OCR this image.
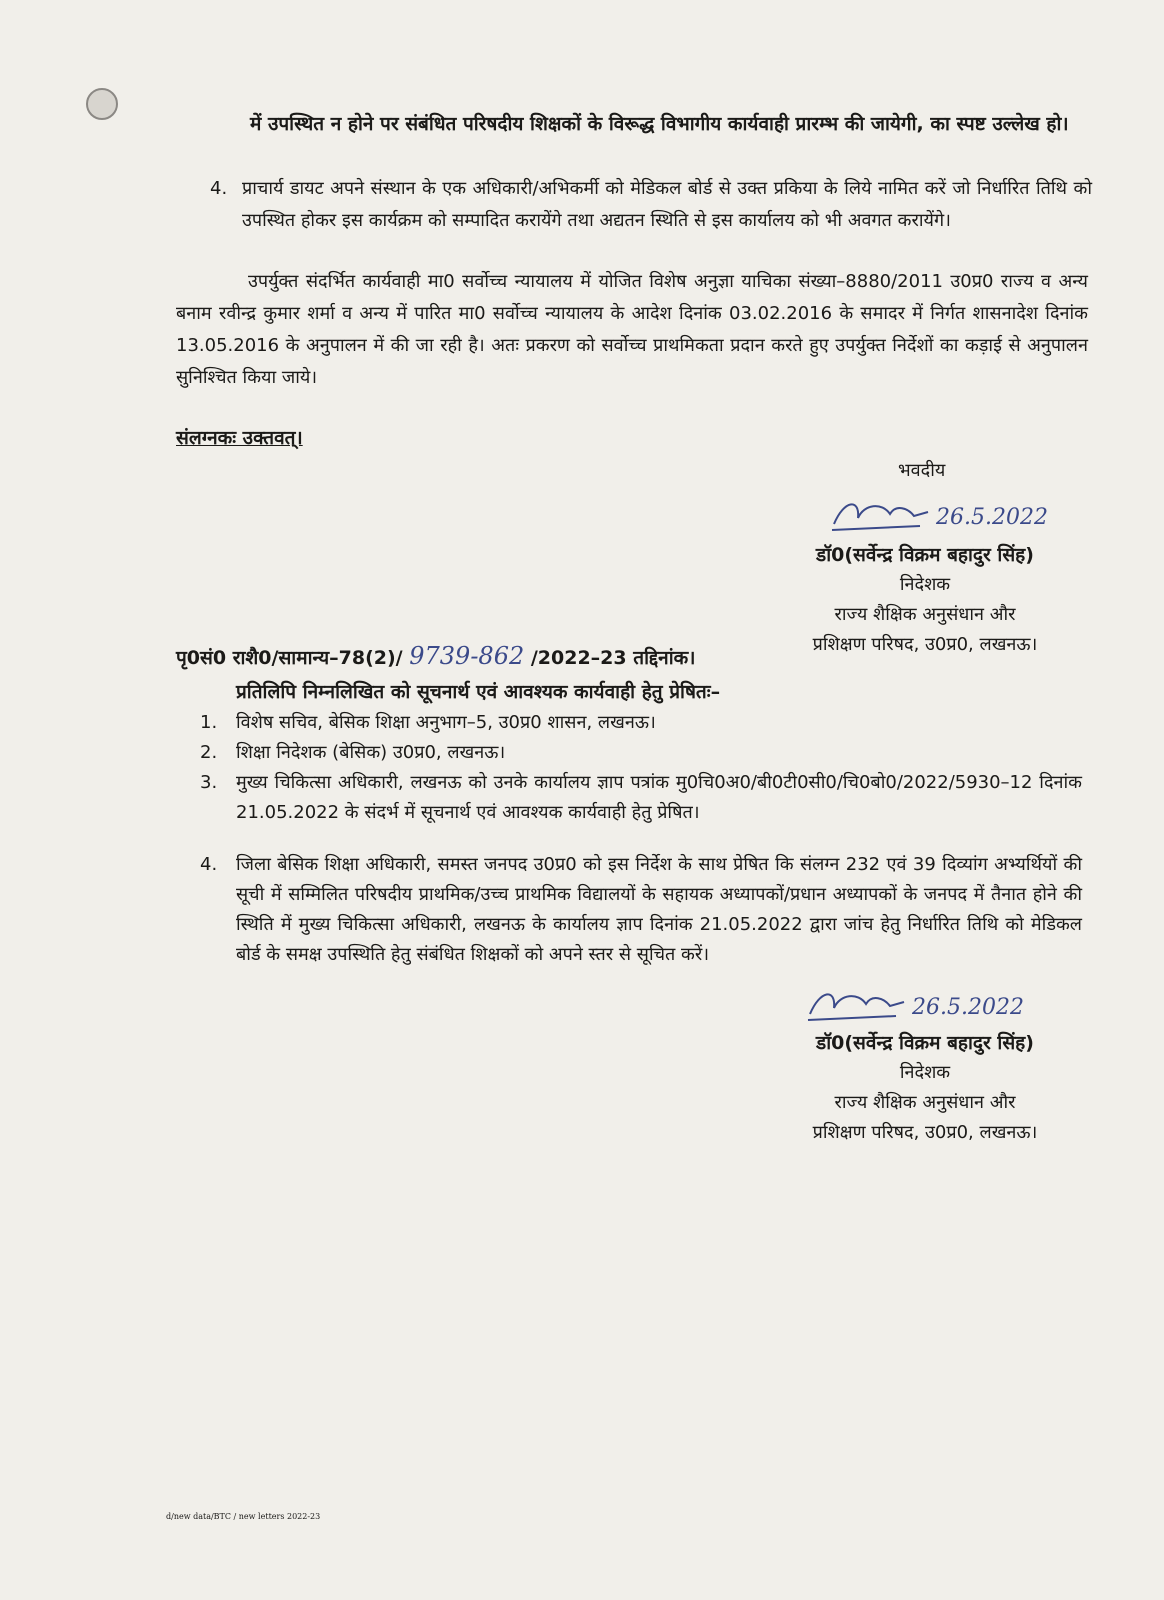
में उपस्थित न होने पर संबंधित परिषदीय शिक्षकों के विरूद्ध विभागीय कार्यवाही प्रारम्भ की जायेगी, का स्पष्ट उल्लेख हो।
4. प्राचार्य डायट अपने संस्थान के एक अधिकारी/अभिकर्मी को मेडिकल बोर्ड से उक्त प्रकिया के लिये नामित करें जो निर्धारित तिथि को उपस्थित होकर इस कार्यक्रम को सम्पादित करायेंगे तथा अद्यतन स्थिति से इस कार्यालय को भी अवगत करायेंगे।
उपर्युक्त संदर्भित कार्यवाही मा0 सर्वोच्च न्यायालय में योजित विशेष अनुज्ञा याचिका संख्या–8880/2011 उ0प्र0 राज्य व अन्य बनाम रवीन्द्र कुमार शर्मा व अन्य में पारित मा0 सर्वोच्च न्यायालय के आदेश दिनांक 03.02.2016 के समादर में निर्गत शासनादेश दिनांक 13.05.2016 के अनुपालन में की जा रही है। अतः प्रकरण को सर्वोच्च प्राथमिकता प्रदान करते हुए उपर्युक्त निर्देशों का कड़ाई से अनुपालन सुनिश्चित किया जाये।
संलग्नकः उक्तवत्।
भवदीय
26.5.2022
डॉ0(सर्वेन्द्र विक्रम बहादुर सिंह)
निदेशक
राज्य शैक्षिक अनुसंधान और
प्रशिक्षण परिषद, उ0प्र0, लखनऊ।
पृ0सं0 राशै0/सामान्य–78(2)/ 9739-862 /2022–23 तद्दिनांक।
प्रतिलिपि निम्नलिखित को सूचनार्थ एवं आवश्यक कार्यवाही हेतु प्रेषितः–
1. विशेष सचिव, बेसिक शिक्षा अनुभाग–5, उ0प्र0 शासन, लखनऊ।
2. शिक्षा निदेशक (बेसिक) उ0प्र0, लखनऊ।
3. मुख्य चिकित्सा अधिकारी, लखनऊ को उनके कार्यालय ज्ञाप पत्रांक मु0चि0अ0/बी0टी0सी0/चि0बो0/2022/5930–12 दिनांक 21.05.2022 के संदर्भ में सूचनार्थ एवं आवश्यक कार्यवाही हेतु प्रेषित।
4. जिला बेसिक शिक्षा अधिकारी, समस्त जनपद उ0प्र0 को इस निर्देश के साथ प्रेषित कि संलग्न 232 एवं 39 दिव्यांग अभ्यर्थियों की सूची में सम्मिलित परिषदीय प्राथमिक/उच्च प्राथमिक विद्यालयों के सहायक अध्यापकों/प्रधान अध्यापकों के जनपद में तैनात होने की स्थिति में मुख्य चिकित्सा अधिकारी, लखनऊ के कार्यालय ज्ञाप दिनांक 21.05.2022 द्वारा जांच हेतु निर्धारित तिथि को मेडिकल बोर्ड के समक्ष उपस्थिति हेतु संबंधित शिक्षकों को अपने स्तर से सूचित करें।
26.5.2022
डॉ0(सर्वेन्द्र विक्रम बहादुर सिंह)
निदेशक
राज्य शैक्षिक अनुसंधान और
प्रशिक्षण परिषद, उ0प्र0, लखनऊ।
d/new data/BTC / new letters 2022-23
